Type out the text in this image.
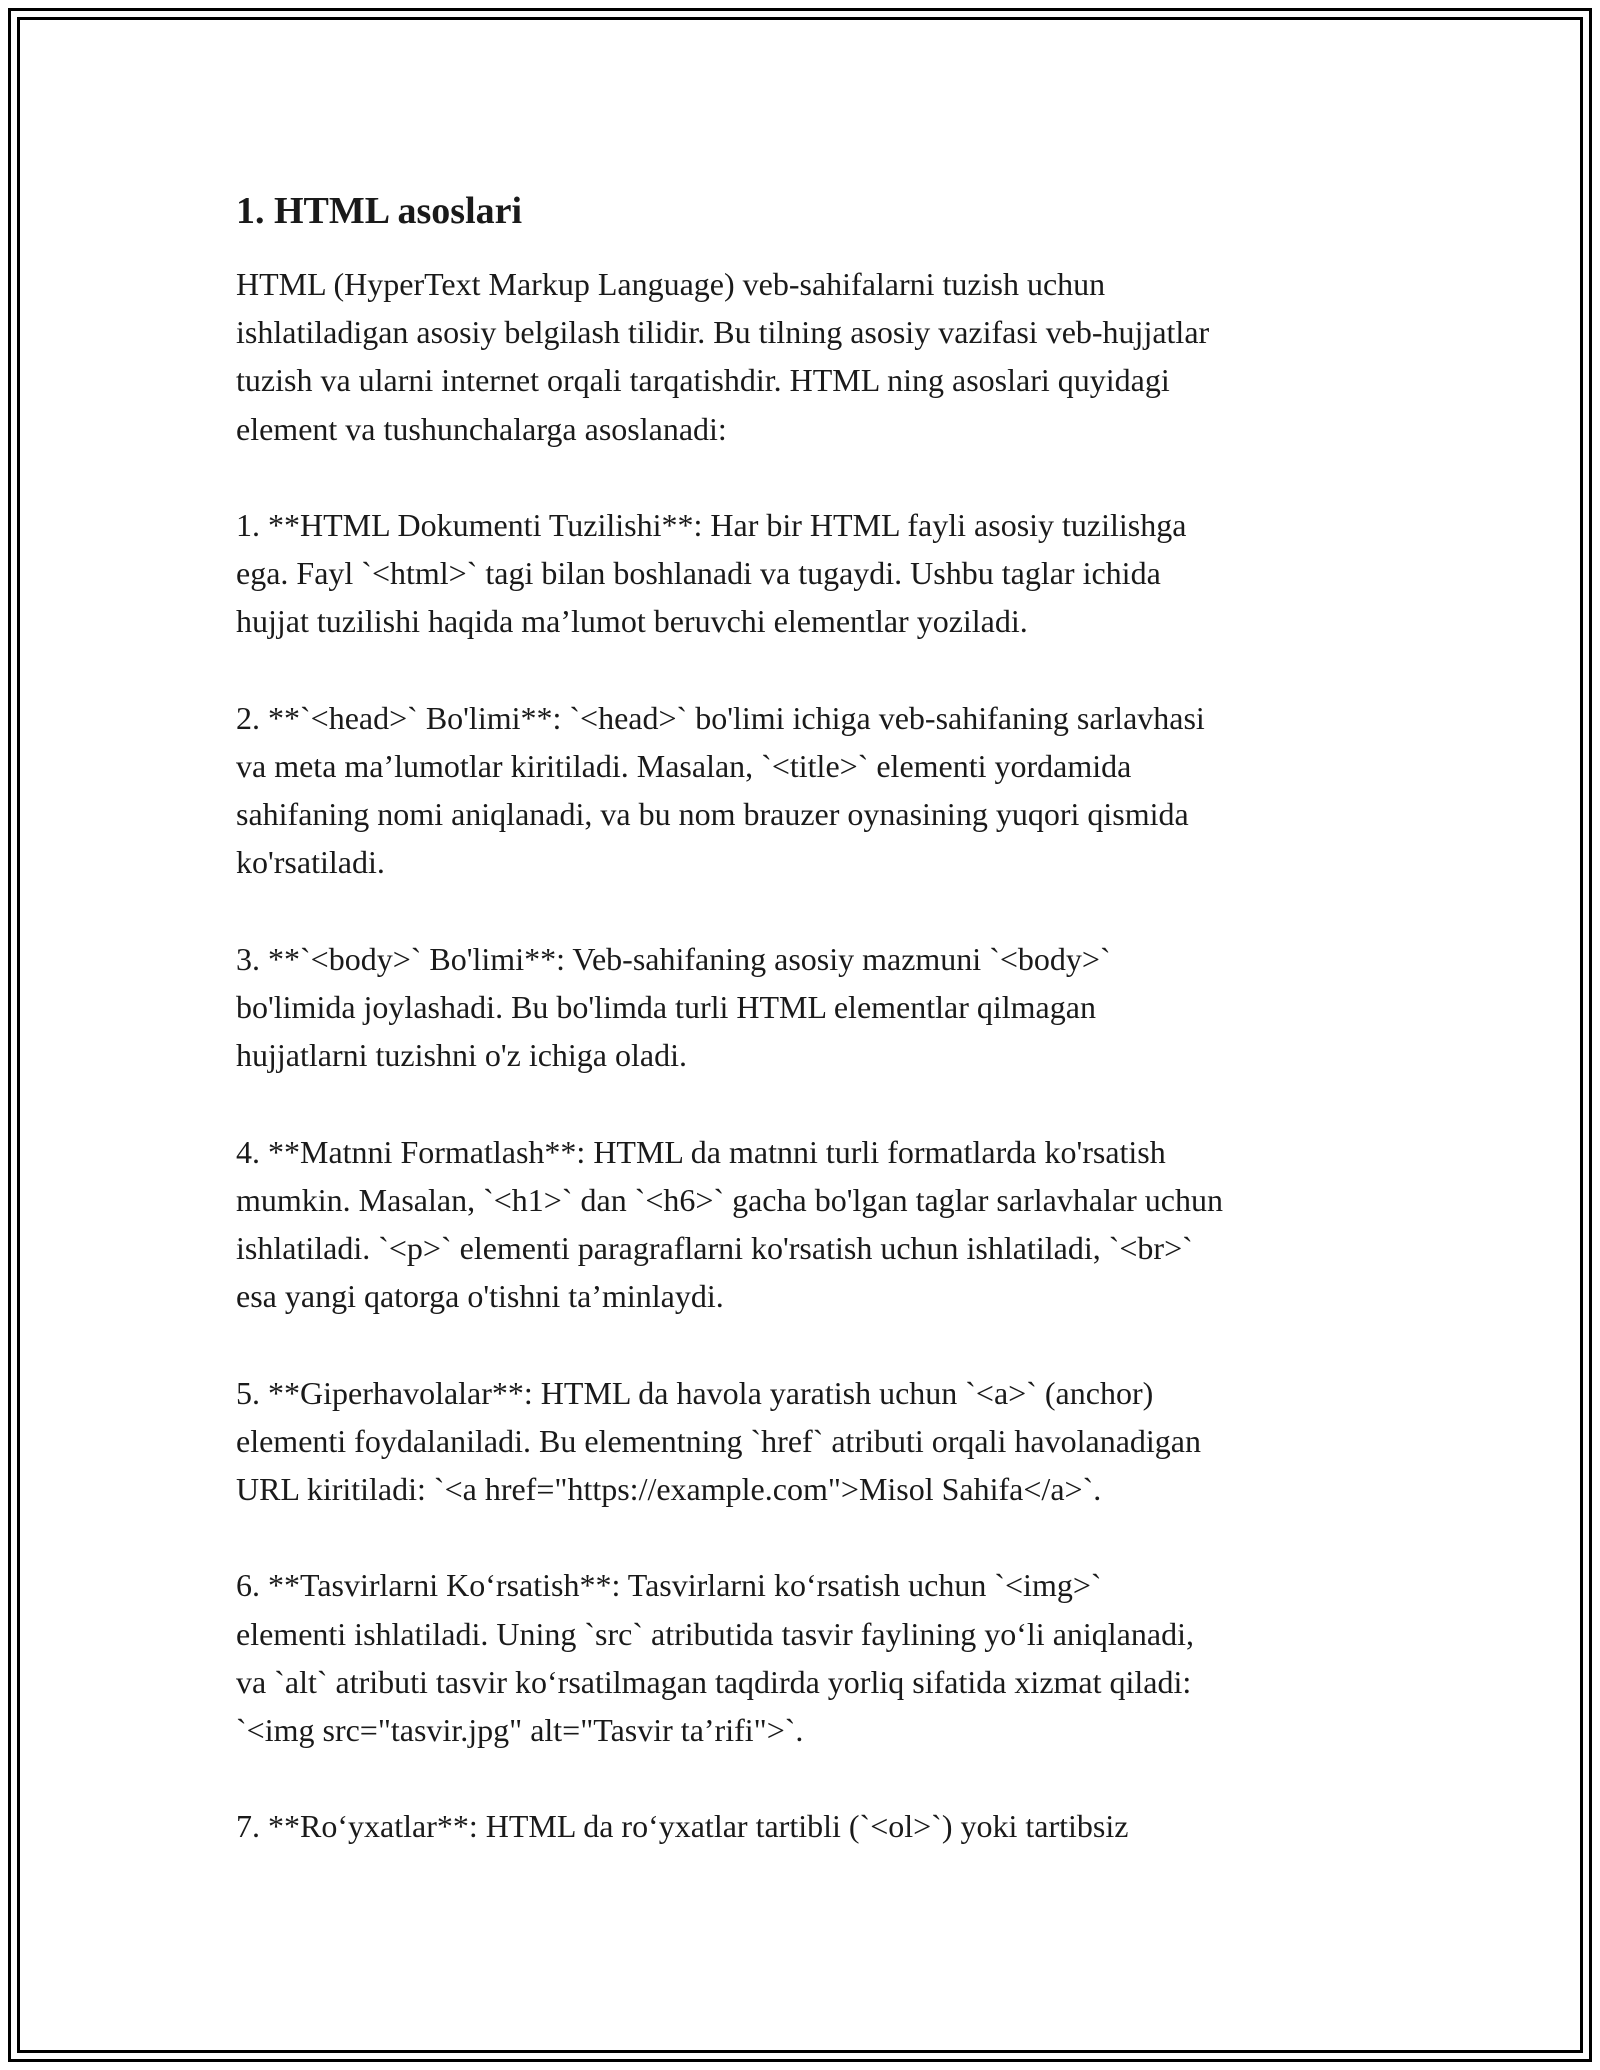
1. HTML asoslari

HTML (HyperText Markup Language) veb-sahifalarni tuzish uchun
ishlatiladigan asosiy belgilash tilidir. Bu tilning asosiy vazifasi veb-hujjatlar
tuzish va ularni internet orqali tarqatishdir. HTML ning asoslari quyidagi
element va tushunchalarga asoslanadi:

1. **HTML Dokumenti Tuzilishi**: Har bir HTML fayli asosiy tuzilishga
ega. Fayl `<html>` tagi bilan boshlanadi va tugaydi. Ushbu taglar ichida
hujjat tuzilishi haqida ma’lumot beruvchi elementlar yoziladi.

2. **`<head>` Bo'limi**: `<head>` bo'limi ichiga veb-sahifaning sarlavhasi
va meta ma’lumotlar kiritiladi. Masalan, `<title>` elementi yordamida
sahifaning nomi aniqlanadi, va bu nom brauzer oynasining yuqori qismida
ko'rsatiladi.

3. **`<body>` Bo'limi**: Veb-sahifaning asosiy mazmuni `<body>`
bo'limida joylashadi. Bu bo'limda turli HTML elementlar qilmagan
hujjatlarni tuzishni o'z ichiga oladi.

4. **Matnni Formatlash**: HTML da matnni turli formatlarda ko'rsatish
mumkin. Masalan, `<h1>` dan `<h6>` gacha bo'lgan taglar sarlavhalar uchun
ishlatiladi. `<p>` elementi paragraflarni ko'rsatish uchun ishlatiladi, `<br>`
esa yangi qatorga o'tishni ta’minlaydi.

5. **Giperhavolalar**: HTML da havola yaratish uchun `<a>` (anchor)
elementi foydalaniladi. Bu elementning `href` atributi orqali havolanadigan
URL kiritiladi: `<a href="https://example.com">Misol Sahifa</a>`.

6. **Tasvirlarni Ko‘rsatish**: Tasvirlarni ko‘rsatish uchun `<img>`
elementi ishlatiladi. Uning `src` atributida tasvir faylining yo‘li aniqlanadi,
va `alt` atributi tasvir ko‘rsatilmagan taqdirda yorliq sifatida xizmat qiladi:
`<img src="tasvir.jpg" alt="Tasvir ta’rifi">`.

7. **Ro‘yxatlar**: HTML da ro‘yxatlar tartibli (`<ol>`) yoki tartibsiz
